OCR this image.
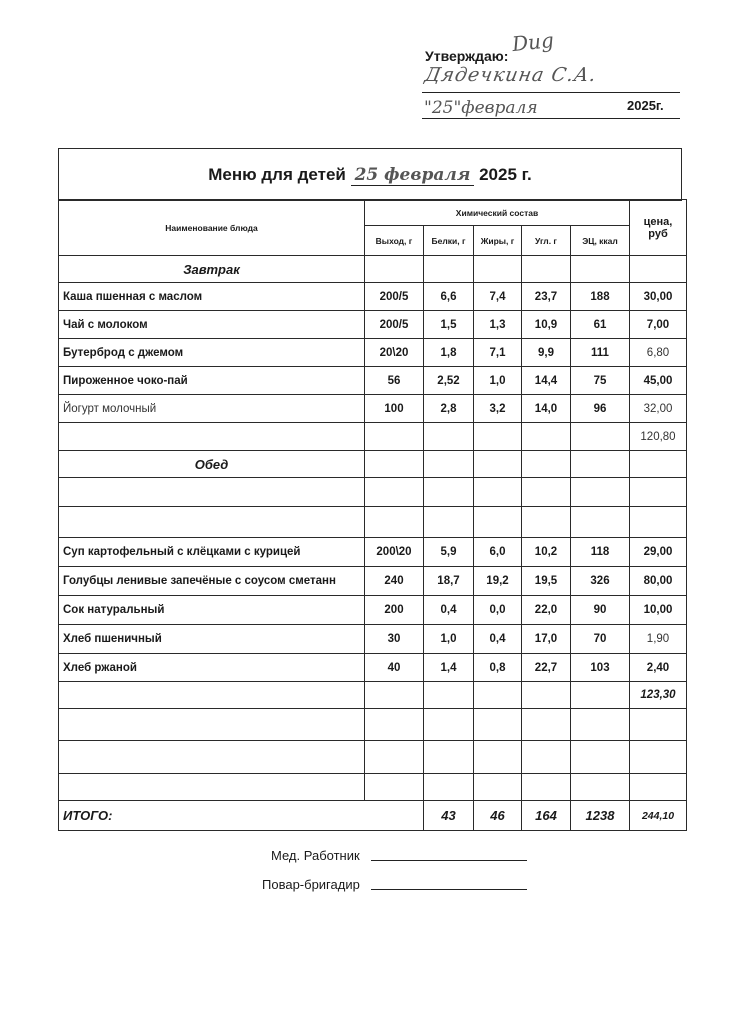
Утверждаю: Dug
Дядечкина С.А.
"25"февраля	2025г.
Меню для детей 25 февраля 2025 г.
Наименование блюда	Химический состав					цена, руб
	Выход, г	Белки, г	Жиры, г	Угл. г	ЭЦ, ккал	
Завтрак						
Каша пшенная с маслом	200/5	6,6	7,4	23,7	188	30,00
Чай с молоком	200/5	1,5	1,3	10,9	61	7,00
Бутерброд с джемом	20\20	1,8	7,1	9,9	111	6,80
Пироженное чоко-пай	56	2,52	1,0	14,4	75	45,00
Йогурт молочный	100	2,8	3,2	14,0	96	32,00
						120,80
Обед						

Суп картофельный с клёцками с курицей	200\20	5,9	6,0	10,2	118	29,00
Голубцы ленивые запечёные с соусом сметанн	240	18,7	19,2	19,5	326	80,00
Сок натуральный	200	0,4	0,0	22,0	90	10,00
Хлеб пшеничный	30	1,0	0,4	17,0	70	1,90
Хлеб ржаной	40	1,4	0,8	22,7	103	2,40
						123,30

ИТОГО:		43	46	164	1238	244,10
Мед. Работник
Повар-бригадир
